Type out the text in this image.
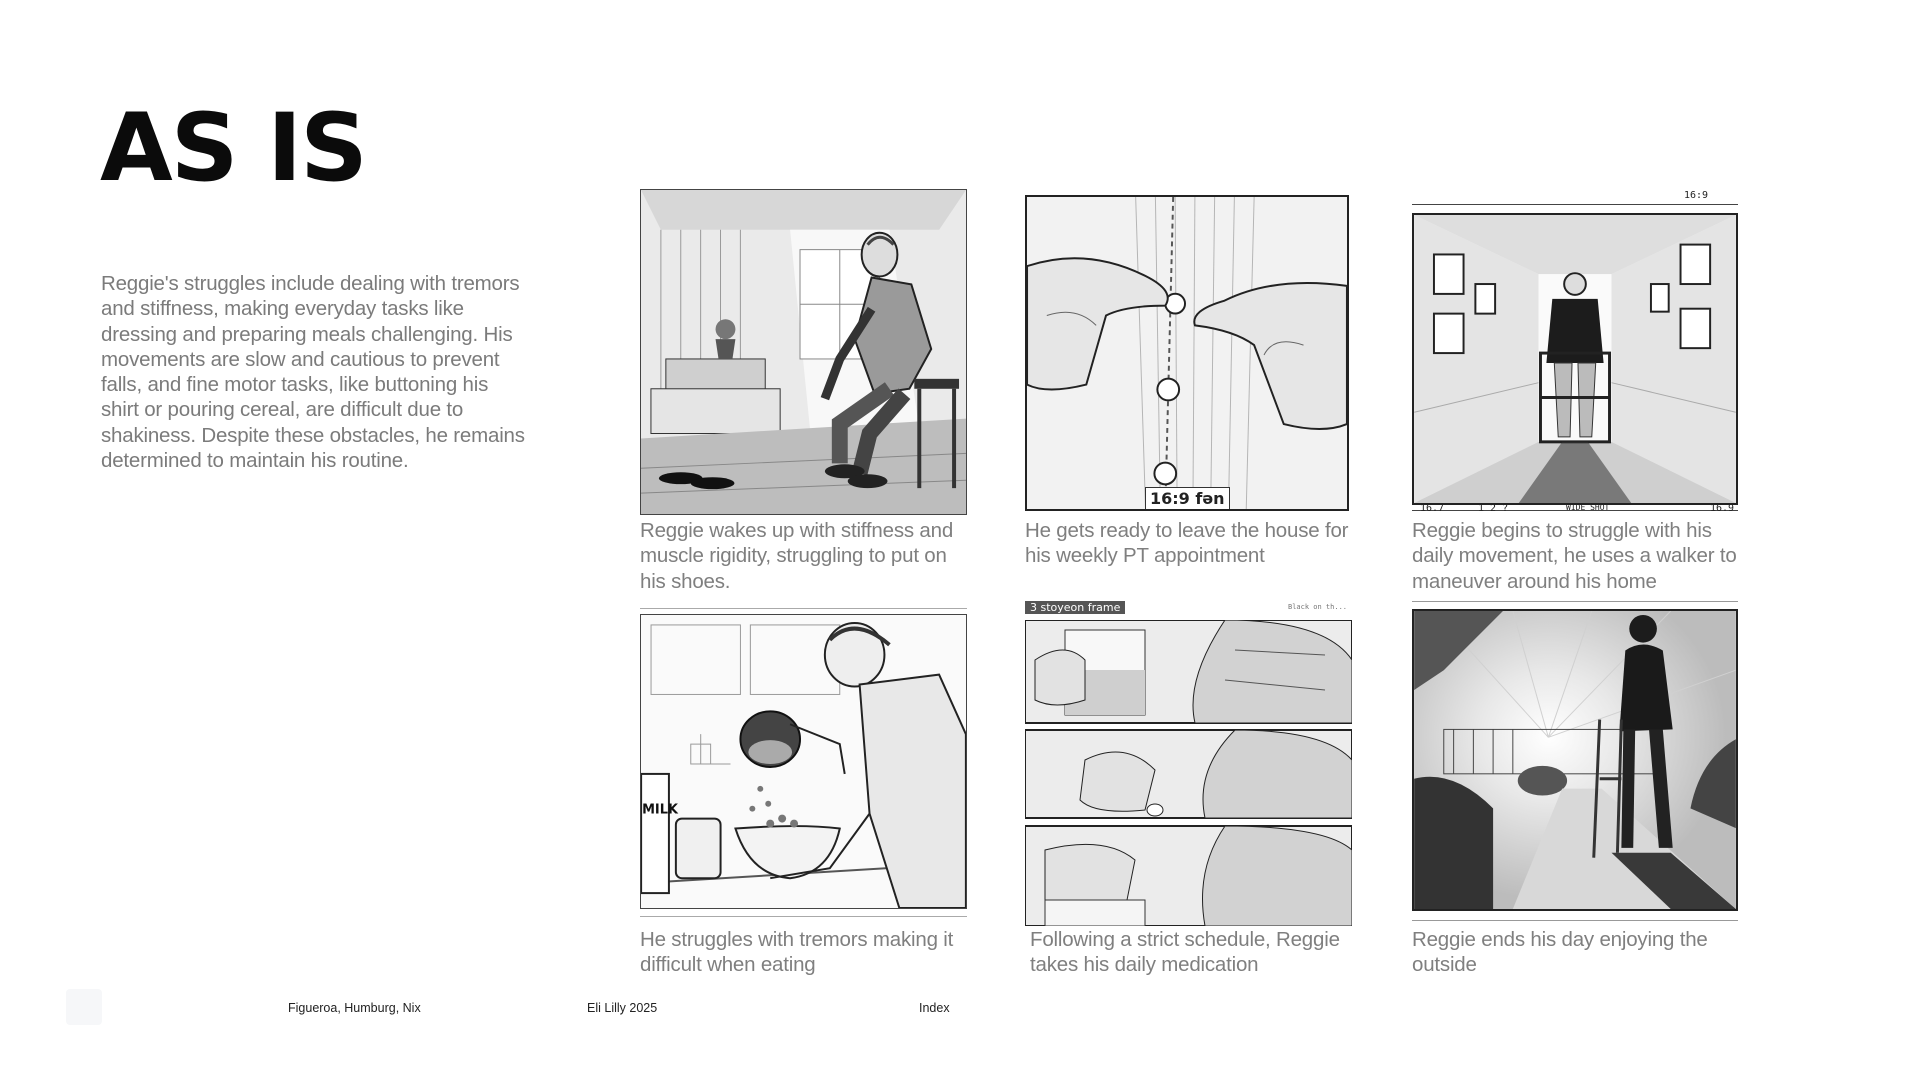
AS IS

Reggie's struggles include dealing with tremors and stiffness, making everyday tasks like dressing and preparing meals challenging. His movements are slow and cautious to prevent falls, and fine motor tasks, like buttoning his shirt or pouring cereal, are difficult due to shakiness. Despite these obstacles, he remains determined to maintain his routine.

Reggie wakes up with stiffness and muscle rigidity, struggling to put on his shoes.

16:9 fən

He gets ready to leave the house for his weekly PT appointment

16:9
16.7	1 2 ?	WIDE SHOT	16.9

Reggie begins to struggle with his daily movement, he uses a walker to maneuver around his home

MILK

He struggles with tremors making it difficult when eating

3 stoyeon frame	Black on th...

Following a strict schedule, Reggie takes his daily medication

Reggie ends his day enjoying the outside

Figueroa, Humburg, Nix	Eli Lilly 2025	Index
